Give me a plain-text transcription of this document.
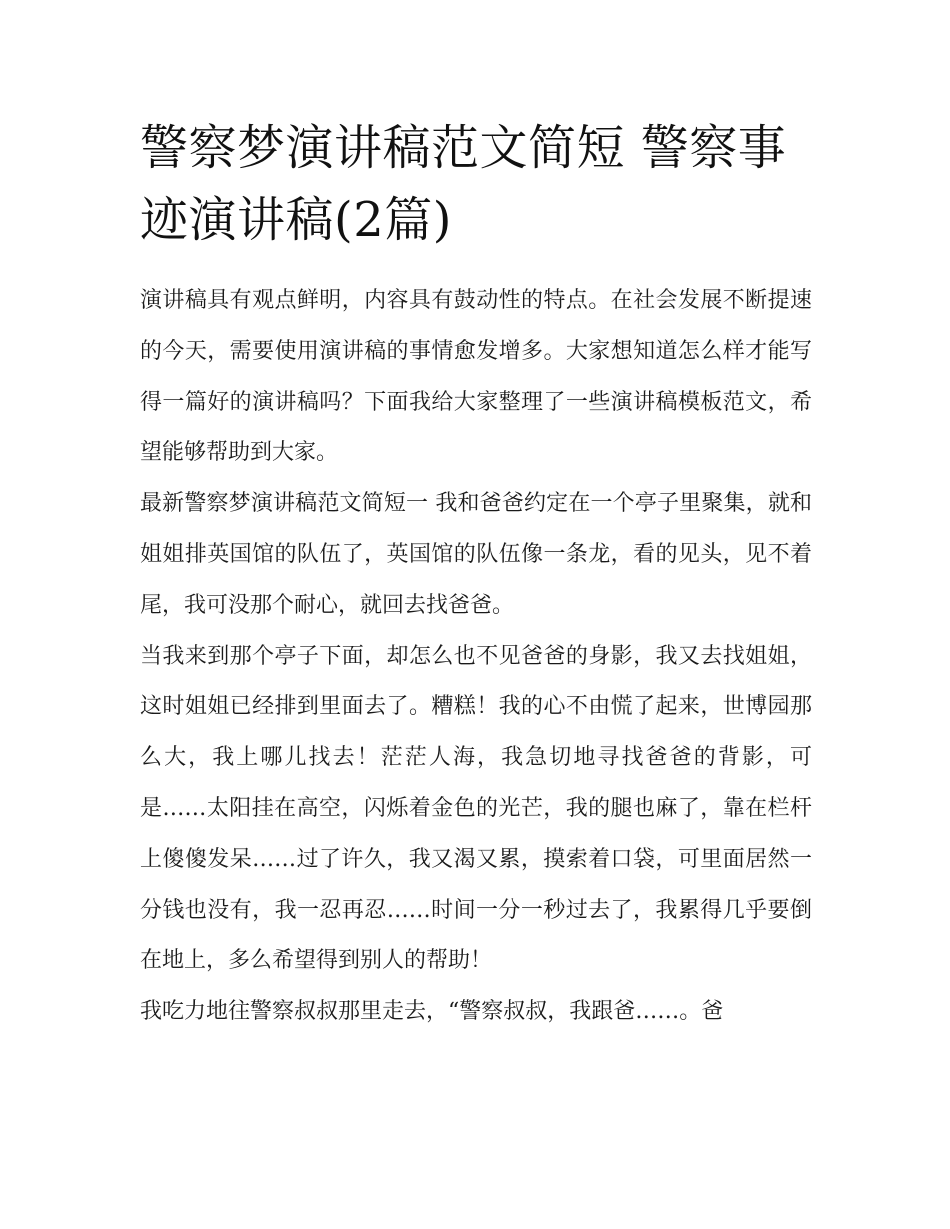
警察梦演讲稿范文简短 警察事迹演讲稿(2篇)

演讲稿具有观点鲜明，内容具有鼓动性的特点。在社会发展不断提速的今天，需要使用演讲稿的事情愈发增多。大家想知道怎么样才能写得一篇好的演讲稿吗？下面我给大家整理了一些演讲稿模板范文，希望能够帮助到大家。

最新警察梦演讲稿范文简短一 我和爸爸约定在一个亭子里聚集，就和姐姐排英国馆的队伍了，英国馆的队伍像一条龙，看的见头，见不着尾，我可没那个耐心，就回去找爸爸。

当我来到那个亭子下面，却怎么也不见爸爸的身影，我又去找姐姐，这时姐姐已经排到里面去了。糟糕！我的心不由慌了起来，世博园那么大，我上哪儿找去！茫茫人海，我急切地寻找爸爸的背影，可是……太阳挂在高空，闪烁着金色的光芒，我的腿也麻了，靠在栏杆上傻傻发呆……过了许久，我又渴又累，摸索着口袋，可里面居然一分钱也没有，我一忍再忍……时间一分一秒过去了，我累得几乎要倒在地上，多么希望得到别人的帮助！

我吃力地往警察叔叔那里走去，“警察叔叔，我跟爸……。爸
